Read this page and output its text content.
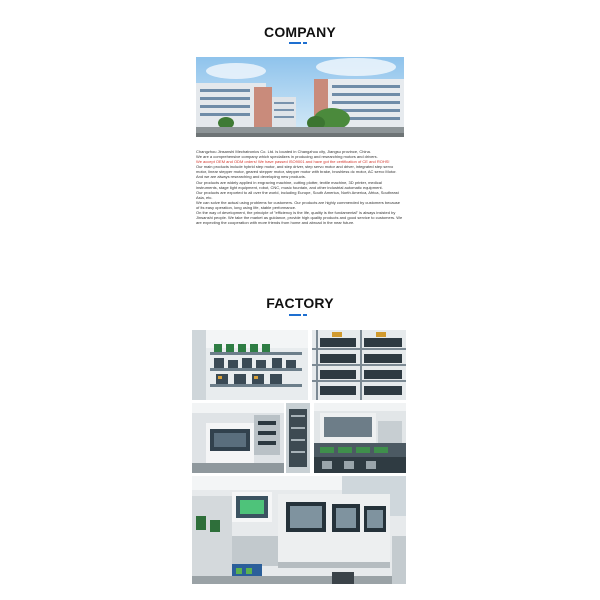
COMPANY

Changzhou Jinsanshi Mechatronics Co. Ltd. is located in Changzhou city, Jiangsu province, China.

We are a comprehensive company which specializes in producing and researching motors and drivers.

We accept OEM and ODM orders! We have passed ISO9001 and have got the certification of CE and ROHS!

Our main products include hybrid step motor, and step driver, step servo motor and driver, integrated step servo motor, linear stepper motor, geared stepper motor, stepper motor with brake, brushless dc motor, AC servo Motor. And we are always researching and developing new products.

Our products are widely applied in engraving machine, cutting plotter, textile machine, 3D printer, medical instruments, stage light equipment, robot, CNC, music fountain, and other industrial automatic equipment.

Our products are exported to all over the world, including Europe, South America, North America, Africa, Southeast Asia, etc.

We can solve the actual using problems for customers. Our products are highly commended by customers because of its easy operation, long using life, stable performance.

On the way of development, the principle of "efficiency is the life, quality is the fundamental" is always insisted by Jinsanshi people. We take the market as guidance, provide high quality products and good service to customers. We are expecting the cooperation with more friends from home and abroad in the near future.

FACTORY
